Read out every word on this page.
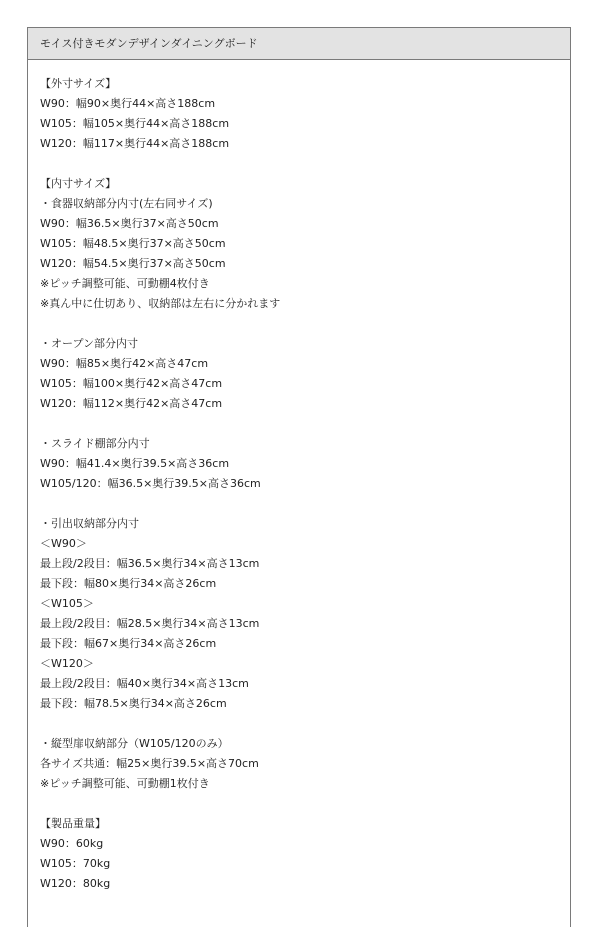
モイス付きモダンデザインダイニングボード
【外寸サイズ】
W90：幅90×奥行44×高さ188cm
W105：幅105×奥行44×高さ188cm
W120：幅117×奥行44×高さ188cm
【内寸サイズ】
・食器収納部分内寸(左右同サイズ)
W90：幅36.5×奥行37×高さ50cm
W105：幅48.5×奥行37×高さ50cm
W120：幅54.5×奥行37×高さ50cm
※ピッチ調整可能、可動棚4枚付き
※真ん中に仕切あり、収納部は左右に分かれます
・オープン部分内寸
W90：幅85×奥行42×高さ47cm
W105：幅100×奥行42×高さ47cm
W120：幅112×奥行42×高さ47cm
・スライド棚部分内寸
W90：幅41.4×奥行39.5×高さ36cm
W105/120：幅36.5×奥行39.5×高さ36cm
・引出収納部分内寸
＜W90＞
最上段/2段目：幅36.5×奥行34×高さ13cm
最下段：幅80×奥行34×高さ26cm
＜W105＞
最上段/2段目：幅28.5×奥行34×高さ13cm
最下段：幅67×奥行34×高さ26cm
＜W120＞
最上段/2段目：幅40×奥行34×高さ13cm
最下段：幅78.5×奥行34×高さ26cm
・縦型扉収納部分（W105/120のみ）
各サイズ共通：幅25×奥行39.5×高さ70cm
※ピッチ調整可能、可動棚1枚付き
【製品重量】
W90：60kg
W105：70kg
W120：80kg
